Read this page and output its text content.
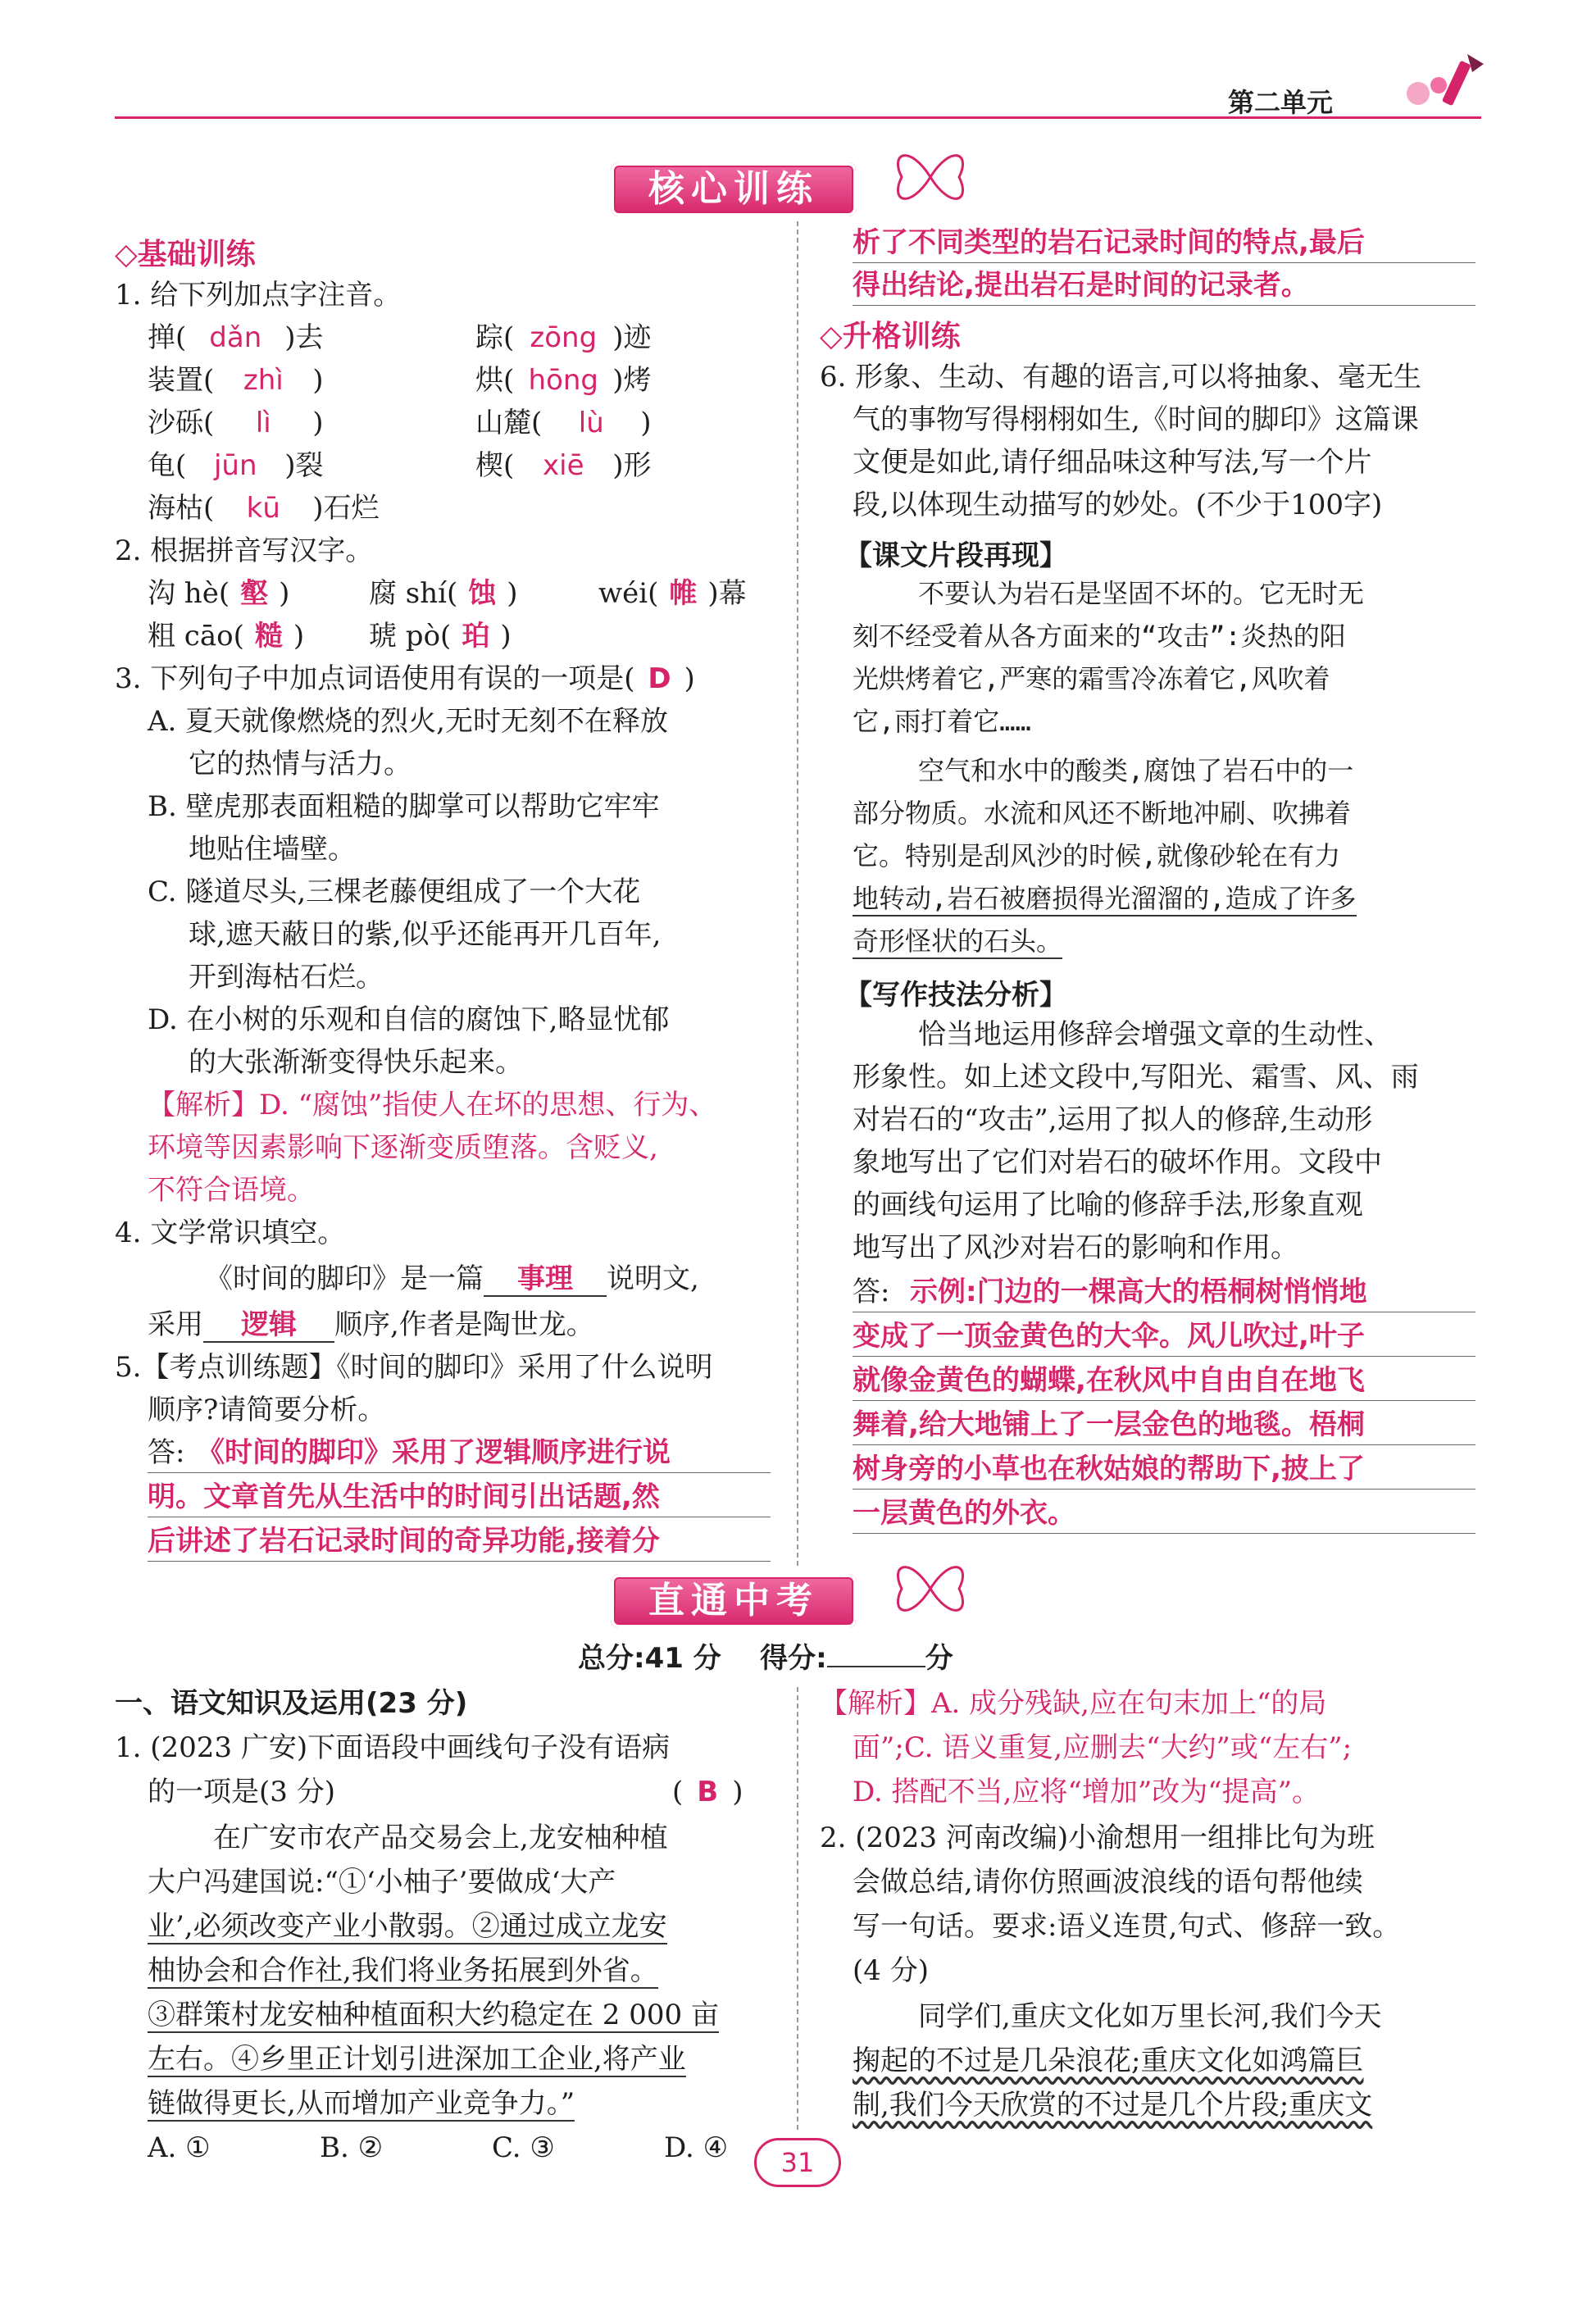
第二单元
核心训练
◇基础训练
1. 给下列加点字注音。
掸( dǎn )去	踪( zōng )迹
装置( zhì )	烘( hōng )烤
沙砾( lì )	山麓( lù )
龟( jūn )裂	楔( xiē )形
海枯( kū )石烂
2. 根据拼音写汉字。
沟 hè( 壑 )	腐 shí( 蚀 )	wéi( 帷 )幕
粗 cāo( 糙 ) 琥 pò( 珀 )
3. 下列句子中加点词语使用有误的一项是( D )
A. 夏天就像燃烧的烈火,无时无刻不在释放
它的热情与活力。
B. 壁虎那表面粗糙的脚掌可以帮助它牢牢
地贴住墙壁。
C. 隧道尽头,三棵老藤便组成了一个大花
球,遮天蔽日的紫,似乎还能再开几百年,
开到海枯石烂。
D. 在小树的乐观和自信的腐蚀下,略显忧郁
的大张渐渐变得快乐起来。
【解析】D. “腐蚀”指使人在坏的思想、行为、
环境等因素影响下逐渐变质堕落。含贬义,
不符合语境。
4. 文学常识填空。
《时间的脚印》是一篇 事理 说明文,
采用 逻辑 顺序,作者是陶世龙。
5.【考点训练题】《时间的脚印》采用了什么说明
顺序?请简要分析。
答: 《时间的脚印》采用了逻辑顺序进行说
明。文章首先从生活中的时间引出话题,然
后讲述了岩石记录时间的奇异功能,接着分
析了不同类型的岩石记录时间的特点,最后
得出结论,提出岩石是时间的记录者。
◇升格训练
6. 形象、生动、有趣的语言,可以将抽象、毫无生
气的事物写得栩栩如生,《时间的脚印》这篇课
文便是如此,请仔细品味这种写法,写一个片
段,以体现生动描写的妙处。(不少于100字)
【课文片段再现】
不要认为岩石是坚固不坏的。它无时无
刻不经受着从各方面来的“攻击”:炎热的阳
光烘烤着它,严寒的霜雪冷冻着它,风吹着
它,雨打着它……
空气和水中的酸类,腐蚀了岩石中的一
部分物质。水流和风还不断地冲刷、吹拂着
它。特别是刮风沙的时候,就像砂轮在有力
地转动,岩石被磨损得光溜溜的,造成了许多
奇形怪状的石头。
【写作技法分析】
恰当地运用修辞会增强文章的生动性、
形象性。如上述文段中,写阳光、霜雪、风、雨
对岩石的“攻击”,运用了拟人的修辞,生动形
象地写出了它们对岩石的破坏作用。文段中
的画线句运用了比喻的修辞手法,形象直观
地写出了风沙对岩石的影响和作用。
答: 示例:门边的一棵高大的梧桐树悄悄地
变成了一顶金黄色的大伞。风儿吹过,叶子
就像金黄色的蝴蝶,在秋风中自由自在地飞
舞着,给大地铺上了一层金色的地毯。梧桐
树身旁的小草也在秋姑娘的帮助下,披上了
一层黄色的外衣。
直通中考
总分:41 分 得分:	分
一、语文知识及运用(23 分)
1. (2023 广安)下面语段中画线句子没有语病
的一项是(3 分)	( B )
在广安市农产品交易会上,龙安柚种植
大户冯建国说:“①‘小柚子’要做成‘大产
业’,必须改变产业小散弱。②通过成立龙安
柚协会和合作社,我们将业务拓展到外省。
③群策村龙安柚种植面积大约稳定在 2 000 亩
左右。④乡里正计划引进深加工企业,将产业
链做得更长,从而增加产业竞争力。”
A. ①	B. ②	C. ③	D. ④
【解析】A. 成分残缺,应在句末加上“的局
面”;C. 语义重复,应删去“大约”或“左右”;
D. 搭配不当,应将“增加”改为“提高”。
2. (2023 河南改编)小渝想用一组排比句为班
会做总结,请你仿照画波浪线的语句帮他续
写一句话。要求:语义连贯,句式、修辞一致。
(4 分)
同学们,重庆文化如万里长河,我们今天
掬起的不过是几朵浪花;重庆文化如鸿篇巨
制,我们今天欣赏的不过是几个片段;重庆文
31
